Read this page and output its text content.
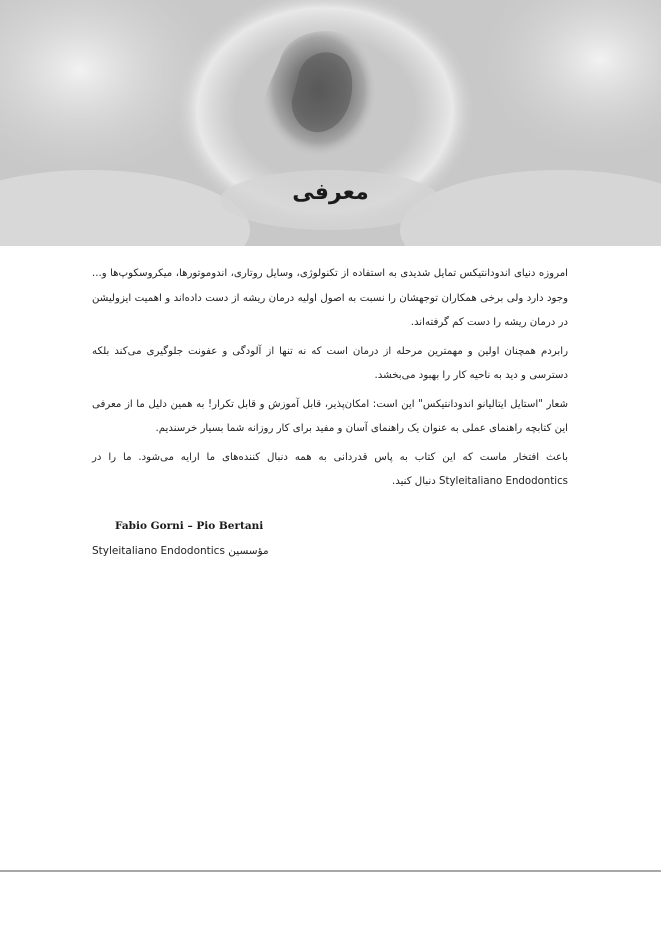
معرفی

امروزه دنیای اندودانتیکس تمایل شدیدی به استفاده از تکنولوژی، وسایل روتاری، اندوموتورها، میکروسکوپ‌ها و... وجود دارد ولی برخی همکاران توجهشان را نسبت به اصول اولیه درمان ریشه از دست داده‌اند و اهمیت ایزولیشن در درمان ریشه را دست کم گرفته‌اند.

رابردم همچنان اولین و مهمترین مرحله از درمان است که نه تنها از آلودگی و عفونت جلوگیری می‌کند بلکه دسترسی و دید به ناحیه کار را بهبود می‌بخشد.

شعار "استایل ایتالیانو اندودانتیکس" این است: امکان‌پذیر، قابل آموزش و قابل تکرار! به همین دلیل ما از معرفی این کتابچه راهنمای عملی به عنوان یک راهنمای آسان و مفید برای کار روزانه شما بسیار خرسندیم.

باعث افتخار ماست که این کتاب به پاس قدردانی به همه دنبال کننده‌های ما ارایه می‌شود. ما را در Styleitaliano Endodontics دنبال کنید.

Fabio Gorni – Pio Bertani
Styleitaliano Endodontics مؤسسین
